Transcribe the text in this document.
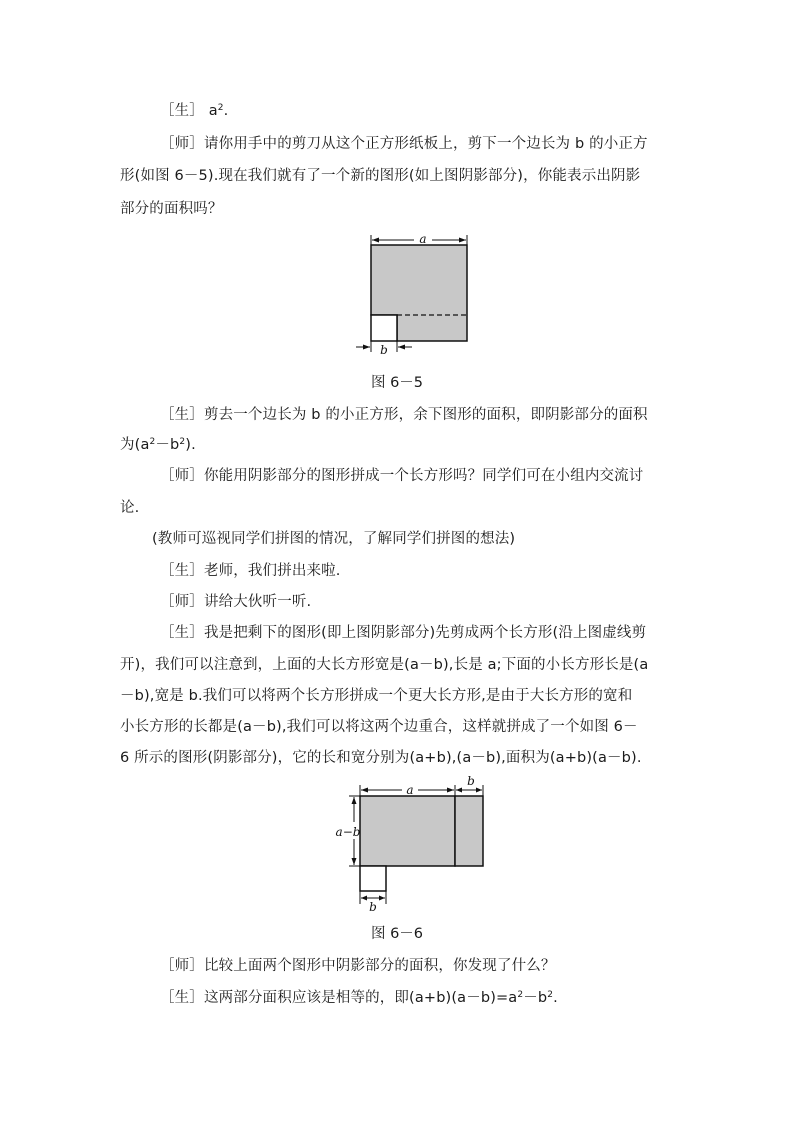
［生］ $a^2$.
［师］请你用手中的剪刀从这个正方形纸板上，剪下一个边长为 b 的小正方
形(如图 6－5).现在我们就有了一个新的图形(如上图阴影部分)，你能表示出阴影
部分的面积吗？
a
b
图 6－5
［生］剪去一个边长为 b 的小正方形，余下图形的面积，即阴影部分的面积
为$(a^2-b^2)$.
［师］你能用阴影部分的图形拼成一个长方形吗？同学们可在小组内交流讨
论.
(教师可巡视同学们拼图的情况，了解同学们拼图的想法)
［生］老师，我们拼出来啦.
［师］讲给大伙听一听.
［生］我是把剩下的图形(即上图阴影部分)先剪成两个长方形(沿上图虚线剪
开)，我们可以注意到，上面的大长方形宽是(a－b),长是 a;下面的小长方形长是(a
－b),宽是 b.我们可以将两个长方形拼成一个更大长方形,是由于大长方形的宽和
小长方形的长都是(a－b),我们可以将这两个边重合，这样就拼成了一个如图 6－
6 所示的图形(阴影部分)，它的长和宽分别为(a+b),(a－b),面积为(a+b)(a－b).
a
b
a−b
b
图 6－6
［师］比较上面两个图形中阴影部分的面积，你发现了什么？
［生］这两部分面积应该是相等的，即$(a+b)(a-b)=a^2-b^2$.
